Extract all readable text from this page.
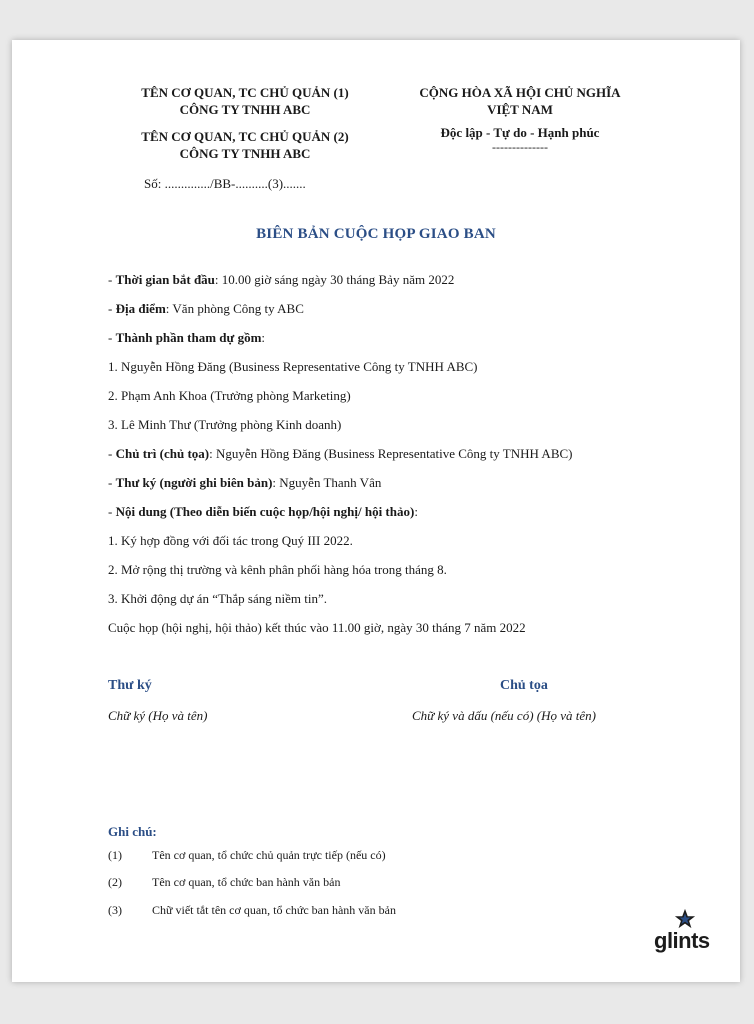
TÊN CƠ QUAN, TC CHỦ QUẢN (1)
CÔNG TY TNHH ABC
TÊN CƠ QUAN, TC CHỦ QUẢN (2)
CÔNG TY TNHH ABC
CỘNG HÒA XÃ HỘI CHỦ NGHĨA
VIỆT NAM
Độc lập - Tự do - Hạnh phúc
--------------
Số: ............../BB-..........(3).......
BIÊN BẢN CUỘC HỌP GIAO BAN
- Thời gian bắt đầu: 10.00 giờ sáng ngày 30 tháng Bảy năm 2022
- Địa điểm: Văn phòng Công ty ABC
- Thành phần tham dự gồm:
1. Nguyễn Hồng Đăng (Business Representative Công ty TNHH ABC)
2. Phạm Anh Khoa (Trưởng phòng Marketing)
3. Lê Minh Thư (Trưởng phòng Kinh doanh)
- Chủ trì (chủ tọa): Nguyễn Hồng Đăng (Business Representative Công ty TNHH ABC)
- Thư ký (người ghi biên bản): Nguyễn Thanh Vân
- Nội dung (Theo diễn biến cuộc họp/hội nghị/ hội thảo):
1. Ký hợp đồng với đối tác trong Quý III 2022.
2. Mở rộng thị trường và kênh phân phối hàng hóa trong tháng 8.
3. Khởi động dự án “Thắp sáng niềm tin”.
Cuộc họp (hội nghị, hội thảo) kết thúc vào 11.00 giờ, ngày 30 tháng 7 năm 2022
Thư ký
Chữ ký (Họ và tên)
Chủ tọa
Chữ ký và dấu (nếu có) (Họ và tên)
Ghi chú:
(1)	Tên cơ quan, tổ chức chủ quản trực tiếp (nếu có)
(2)	Tên cơ quan, tổ chức ban hành văn bản
(3)	Chữ viết tắt tên cơ quan, tổ chức ban hành văn bản
glints
